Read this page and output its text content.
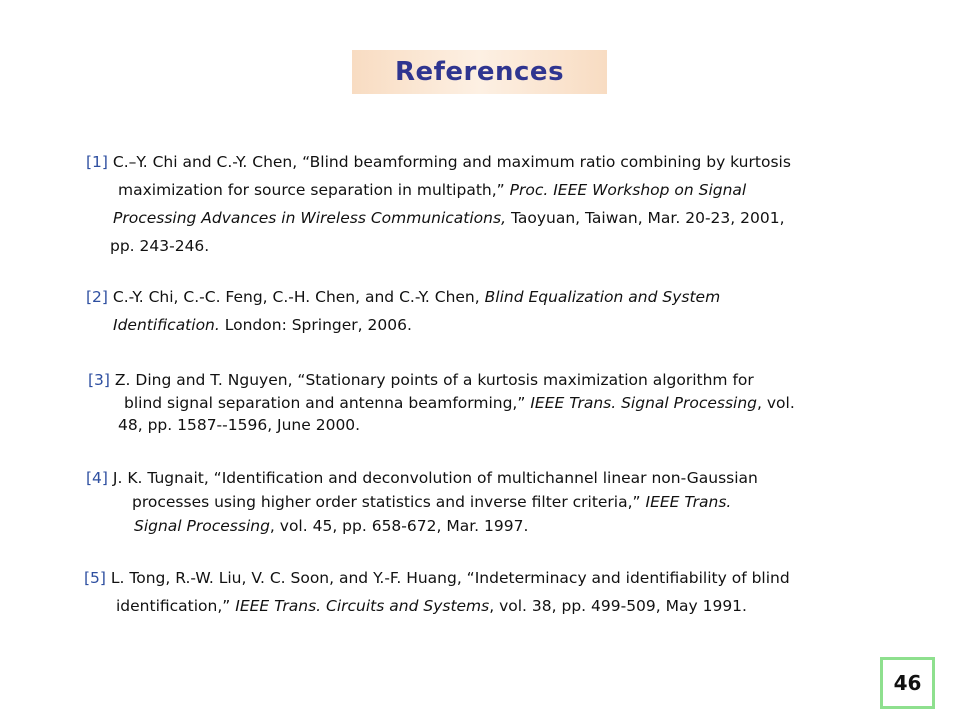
References
[1] C.–Y. Chi and C.-Y. Chen, “Blind beamforming and maximum ratio combining by kurtosis
maximization for source separation in multipath,” Proc. IEEE Workshop on Signal
Processing Advances in Wireless Communications, Taoyuan, Taiwan, Mar. 20-23, 2001,
pp. 243-246.
[2] C.-Y. Chi, C.-C. Feng, C.-H. Chen, and C.-Y. Chen, Blind Equalization and System
Identification. London: Springer, 2006.
[3] Z. Ding and T. Nguyen, “Stationary points of a kurtosis maximization algorithm for
blind signal separation and antenna beamforming,” IEEE Trans. Signal Processing, vol.
48, pp. 1587--1596, June 2000.
[4] J. K. Tugnait, “Identification and deconvolution of multichannel linear non-Gaussian
processes using higher order statistics and inverse filter criteria,” IEEE Trans.
Signal Processing, vol. 45, pp. 658-672, Mar. 1997.
[5] L. Tong, R.-W. Liu, V. C. Soon, and Y.-F. Huang, “Indeterminacy and identifiability of blind
identification,” IEEE Trans. Circuits and Systems, vol. 38, pp. 499-509, May 1991.
46
